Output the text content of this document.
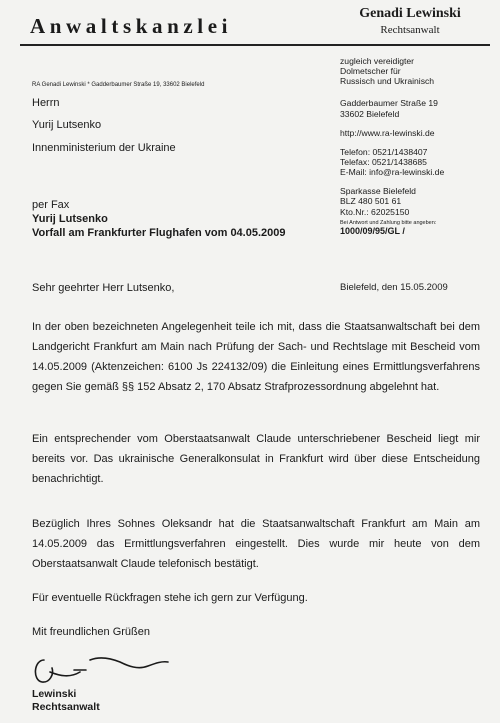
Anwaltskanzlei
Genadi Lewinski
Rechtsanwalt
RA Genadi Lewinski * Gadderbaumer Straße 19, 33602 Bielefeld
Herrn
Yurij Lutsenko
Innenministerium der Ukraine
zugleich vereidigter
Dolmetscher für
Russisch und Ukrainisch
Gadderbaumer Straße 19
33602 Bielefeld
http://www.ra-lewinski.de
Telefon: 0521/1438407
Telefax: 0521/1438685
E-Mail: info@ra-lewinski.de
Sparkasse Bielefeld
BLZ 480 501 61
Kto.Nr.: 62025150
Bei Antwort und Zahlung bitte angeben:
1000/09/95/GL /
per Fax
Yurij Lutsenko
Vorfall am Frankfurter Flughafen vom 04.05.2009
Sehr geehrter Herr Lutsenko,	Bielefeld, den 15.05.2009
In der oben bezeichneten Angelegenheit teile ich mit, dass die Staatsanwaltschaft bei dem Landgericht Frankfurt am Main nach Prüfung der Sach- und Rechtslage mit Bescheid vom 14.05.2009 (Aktenzeichen: 6100 Js 224132/09) die Einleitung eines Ermittlungsverfahrens gegen Sie gemäß §§ 152 Absatz 2, 170 Absatz Strafprozessordnung abgelehnt hat.
Ein entsprechender vom Oberstaatsanwalt Claude unterschriebener Bescheid liegt mir bereits vor. Das ukrainische Generalkonsulat in Frankfurt wird über diese Entscheidung benachrichtigt.
Bezüglich Ihres Sohnes Oleksandr hat die Staatsanwaltschaft Frankfurt am Main am 14.05.2009 das Ermittlungsverfahren eingestellt. Dies wurde mir heute von dem Oberstaatsanwalt Claude telefonisch bestätigt.
Für eventuelle Rückfragen stehe ich gern zur Verfügung.
Mit freundlichen Grüßen
Lewinski
Rechtsanwalt
